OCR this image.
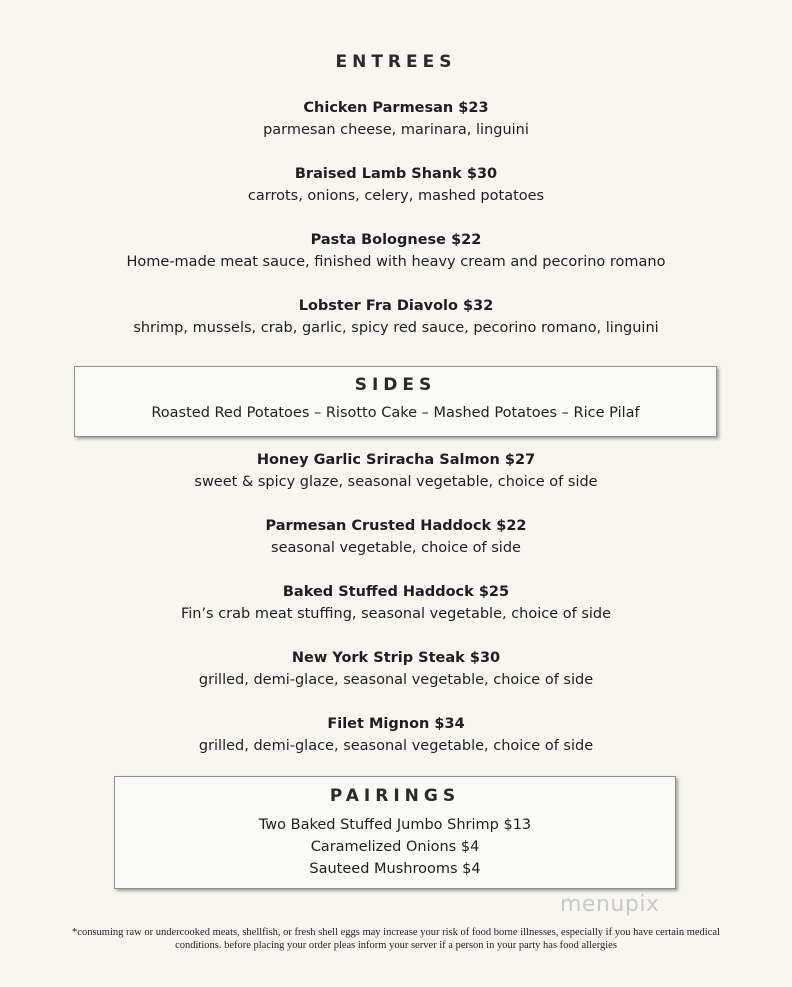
ENTREES
Chicken Parmesan $23
parmesan cheese, marinara, linguini
Braised Lamb Shank $30
carrots, onions, celery, mashed potatoes
Pasta Bolognese $22
Home-made meat sauce, finished with heavy cream and pecorino romano
Lobster Fra Diavolo $32
shrimp, mussels, crab, garlic, spicy red sauce, pecorino romano, linguini
SIDES
Roasted Red Potatoes – Risotto Cake – Mashed Potatoes – Rice Pilaf
Honey Garlic Sriracha Salmon $27
sweet & spicy glaze, seasonal vegetable, choice of side
Parmesan Crusted Haddock $22
seasonal vegetable, choice of side
Baked Stuffed Haddock $25
Fin’s crab meat stuffing, seasonal vegetable, choice of side
New York Strip Steak $30
grilled, demi-glace, seasonal vegetable, choice of side
Filet Mignon $34
grilled, demi-glace, seasonal vegetable, choice of side
PAIRINGS
Two Baked Stuffed Jumbo Shrimp $13
Caramelized Onions $4
Sauteed Mushrooms $4
menupix
*consuming raw or undercooked meats, shellfish, or fresh shell eggs may increase your risk of food borne illnesses, especially if you have certain medical
conditions. before placing your order pleas inform your server if a person in your party has food allergies
